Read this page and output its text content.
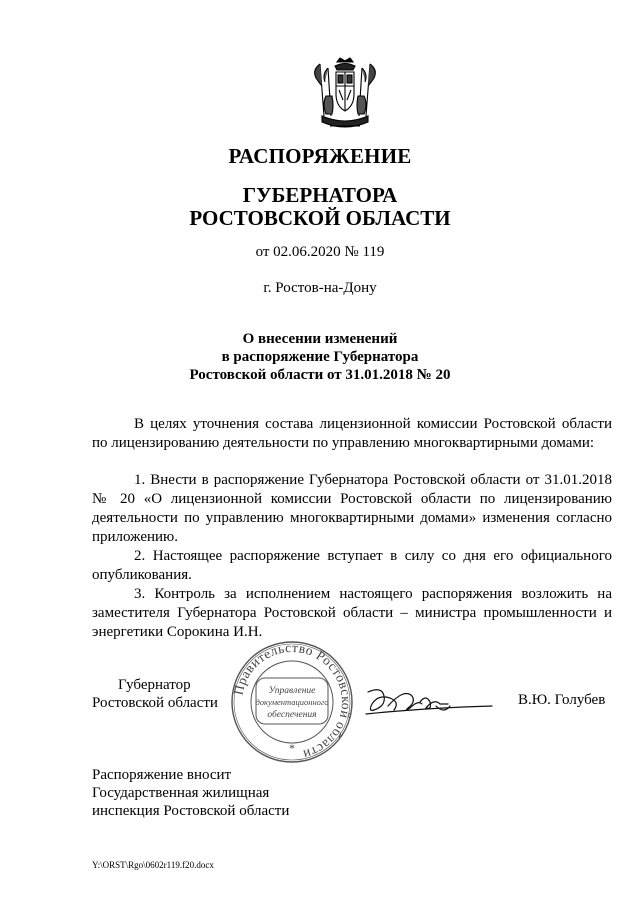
РАСПОРЯЖЕНИЕ
ГУБЕРНАТОРА
РОСТОВСКОЙ ОБЛАСТИ
от 02.06.2020 № 119
г. Ростов-на-Дону
О внесении изменений
в распоряжение Губернатора
Ростовской области от 31.01.2018 № 20

В целях уточнения состава лицензионной комиссии Ростовской области по лицензированию деятельности по управлению многоквартирными домами:

1. Внести в распоряжение Губернатора Ростовской области от 31.01.2018 № 20 «О лицензионной комиссии Ростовской области по лицензированию деятельности по управлению многоквартирными домами» изменения согласно приложению.

2. Настоящее распоряжение вступает в силу со дня его официального опубликования.

3. Контроль за исполнением настоящего распоряжения возложить на заместителя Губернатора Ростовской области – министра промышленности и энергетики Сорокина И.Н.

Губернатор
Ростовской области
Правительство Ростовской области
Управление
документационного
обеспечения
*
В.Ю. Голубев
Распоряжение вносит
Государственная жилищная
инспекция Ростовской области
Y:\ORST\Rgo\0602r119.f20.docx
